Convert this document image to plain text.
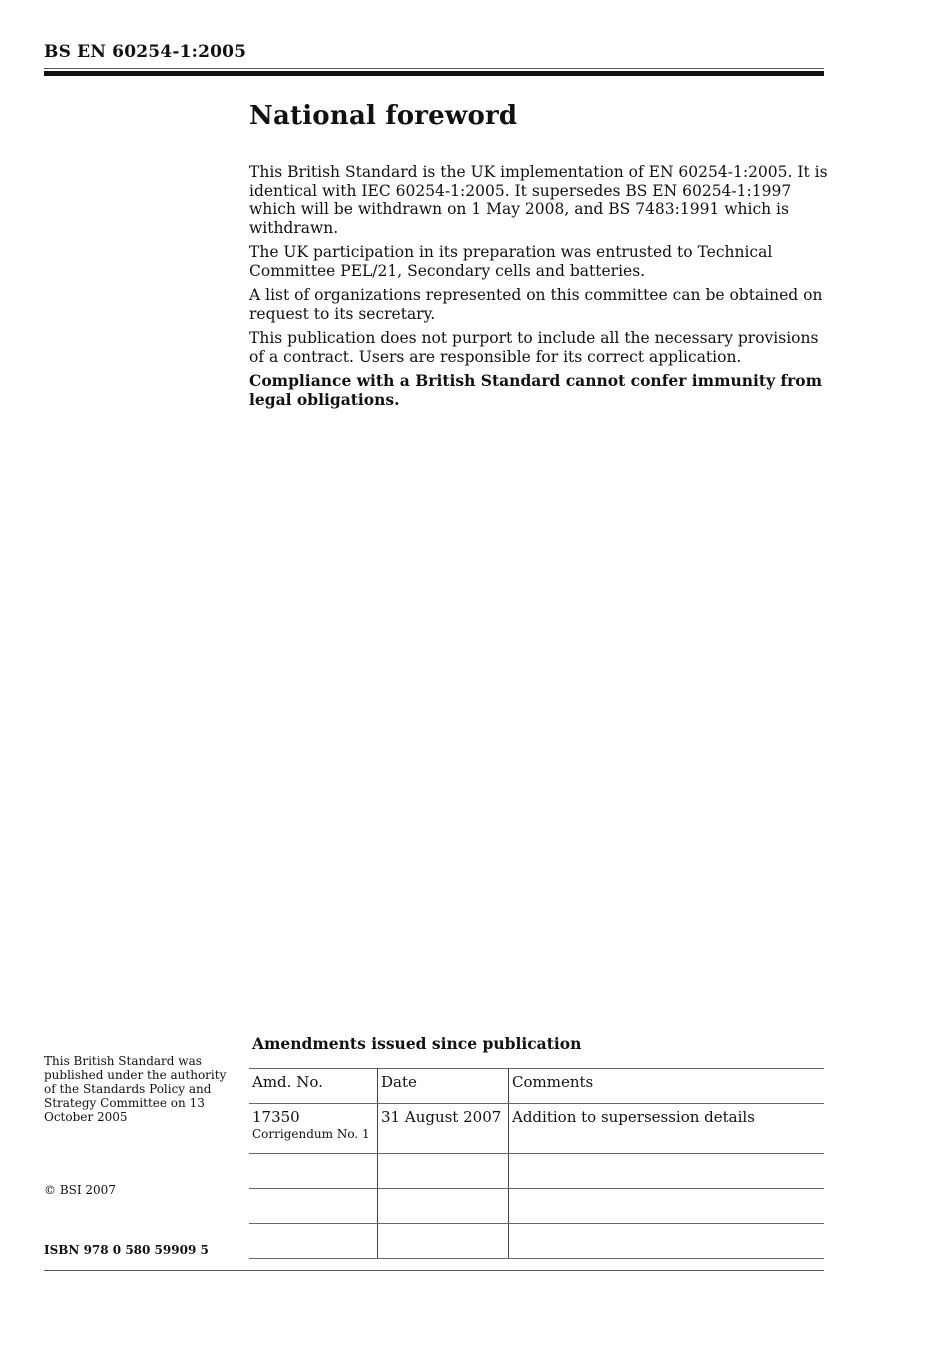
BS EN 60254-1:2005
National foreword

This British Standard is the UK implementation of EN 60254-1:2005. It is identical with IEC 60254-1:2005. It supersedes BS EN 60254-1:1997 which will be withdrawn on 1 May 2008, and BS 7483:1991 which is withdrawn.

The UK participation in its preparation was entrusted to Technical Committee PEL/21, Secondary cells and batteries.

A list of organizations represented on this committee can be obtained on request to its secretary.

This publication does not purport to include all the necessary provisions of a contract. Users are responsible for its correct application.

Compliance with a British Standard cannot confer immunity from legal obligations.

This British Standard was published under the authority of the Standards Policy and Strategy Committee on 13 October 2005
© BSI 2007
ISBN 978 0 580 59909 5
Amendments issued since publication
Amd. No.	Date	Comments
17350
Corrigendum No. 1	31 August 2007	Addition to supersession details
